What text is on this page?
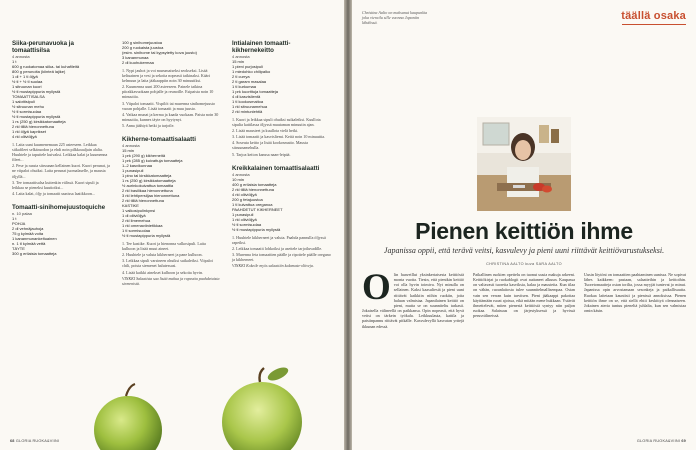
Siika-perunavuoka ja tomaattisilsa
4 annosta
1 t
600 g ruokatomaa siika- tai kuhafileitä
800 g perunoita (kiinteä lajike)
1 dl + 1 tl öljyä
½ tl + ½ tl suolaa
1 sitruunan kuori
½ tl mustapippuria myllystä
TOMAATTISALSA
1 salottisipuli
½ sitruunan mehu
½ tl sormisuolaa
½ tl mustapippuria myllystä
1 rs (250 g) kirsikkatomaatteja
2 rkl tilliä hienonnettuna
1 rkl öljyä kaprikset
4 rkl oliiviöljyä
1. Laita uuni kuumenemaan 225 asteeseen. Leikkaa siikafileet selkäruodon ja ehdi noin pilkkoaaljain alalta. Huuhtele ja taputtele kuivaksi. Leikkaa kalat ja kuumenna fileet...
2. Pese ja raasta sitruunan kellainen kuori. Kuori perunat, ja ne viipaloi ohuiksi. Laita perunat juomalaselle, ja mausta öljyllä...
3. Tee tomaattisalsa kuitenkin välissä. Kuori sipuli ja leikkaa se pieneksi kuutioiksi...
4. Laita kalat, öljy ja tomaatit uunissa laatikkoon...
Tomaatti-sinihomejuustoquiche
n. 10 palaa
1 t
POHJA
2 dl vehnäjauhoja
75 g kylmää voita
1 kananmunankeltuainen
n. 1 tl kylmää vettä
TÄYTE
300 g erilaisia tomaatteja
100 g sinihomejuustoa
200 g ruokaista juustoa
(esim. sinihome tai kypsytetty kova juusto)
3 kananmunaa
2 dl kuohukermaa
1. Nypi jauhot ja voi murumaiseksi seokseksi. Lisää keltuainen ja vesi ja sekoita nopeasti taikinaksi. Kääri kelmuun ja laita jääkaappiin noin 30 minuutiksi.
2. Kuumenna uuni 200 asteeseen. Painele taikina piirakkavuokaan pohjalle ja reunoille. Esipaista noin 10 minuuttia.
3. Viipaloi tomaatit. Vispilöi tai murenna sinihomejuusto vuoan pohjalle. Lisää tomaatit ja muu juusto.
4. Vatkaa munat ja kerma ja kaada vuokaan. Paista noin 30 minuuttia, kunnes täyte on hyytynyt.
5. Anna jäähtyä hetki ja tarjoile.
Kikherne-tomaattisalaatti
4 annosta
15 min
1 prk (290 g) kikherneitä
1 prk (285 g) kuivattuja tomaatteja
1–2 kasvikunnaa
1 punasipuli
1 pino tai kirsikkatomaatteja
1 rs (250 g) kirsikkatomaatteja
½ aurinkokuivattua tomaattia
2 rkl basilikaa hienonnettuna
3 rkl lehtipersiljaa hienonnettuna
2 rkl tilliä hienonnettuna
KASTIKE
1 valkosipulinkynsi
1 dl oliiviöljyä
2 rkl limemehua
1 rkl omenaviinietikkaa
1 tl sormisuolaa
½ tl mustapippuria myllystä
1. Tee kastike. Kuori ja hienonna valkosipuli. Laita kulhoon ja lisää muut aineet.
2. Huuhtele ja valuta kikherneet ja pane kulhoon.
3. Leikkaa sipuli varsineen ohuiksi suikaleiksi. Viipaloi chili, poista siemenet halutessasi.
4. Lisää kaikki ainekset kulhoon ja sekoita hyvin.
VINKKI Salaatista saa lisää makua ja rapeutta paahdetuista siemenistä.
Intialainen tomaatti-kikhernekeitto
4 annosta
15 min
1 pieni purjosipuli
1 miedohko chilipalko
2 tl currya
2 tl garam masalaa
1 tl kurkumaa
1 prk kuorittuja tomaatteja
4 dl kasvislientä
1 tl kookosmaitoa
1 rkl sitruunamehua
2 rkl mintunlehtiä
1. Kuori ja leikkaa sipuli ohuiksi suikaleiksi. Kuullota sipulia kattilassa öljyssä muutaman minuutin ajan.
2. Lisää mausteet ja kuullota vielä hetki.
3. Lisää tomaatit ja kasvisliemi. Keitä noin 10 minuuttia.
4. Soseuta keitto ja lisää kookosmaito. Mausta sitruunamehulla.
5. Tarjoa keiton kanssa naan-leipää.
Kreikkalainen tomaattisalaatti
4 annosta
10 min
400 g erilaisia tomaatteja
2 rkl tilliä hienonnettuna
4 rkl oliiviöljyä
200 g fetajuustoa
1 tl kuivattua oreganoa
PAAHDETUT KIKHERNEET
1 punasipuli
1 rkl oliiviöljyä
½ tl sormisuolaa
½ tl mustapippuria myllystä
1. Huuhtele kikherneet ja valuta. Paahda pannulla öljyssä rapeiksi.
2. Leikkaa tomaatit lohkoiksi ja asettele tarjoiluvadille.
3. Murenna feta tomaattien päälle ja ripottele päälle oregano ja kikherneet.
VINKKI Kokeile myös salaattiin kalamata-oliiveja.
68 GLORIA RUOKA&VIINI
Christina Aalto on maksanut kaupunkia joka vierailu sille vuonna Japaniin lähdössä.
täällä osaka
Pienen keittiön ihme
Japanissa oppii, että terävä veitsi, kasvulevy ja pieni uuni riittävät keittiövarustukseksi.
CHRISTINA AALTO kuva SARA AALTO
O lin haaveillut yksinkertaisesta keittiöstä monta vuotta. Tiesin, että pienikin keittiö voi olla hyvin toimiva. Nyt minulla on sellainen. Kaksi kaasuliesiä ja pieni uuni riittävät kaikkiin niihin ruokiin, joita haluan valmistaa. Japanilainen keittiö on pieni, mutta se on suunniteltu tarkasti. Jokaisella välineellä on paikkansa. Opin nopeasti, että hyvä veitsi on tärkein työkalu. Leikkuulauta, kattila ja paistinpannu riittävät pitkälle. Kasvulevyllä kasvatan yrttejä ikkunan edessä.
Paikallinen ruokien opettelu on tuonut uusia makuja arkeeni. Keittiökirjat ja ruokablogit ovat auttaneet alkuun. Kaupassa on valtavasti tuoreita kasviksia, kalaa ja mausteita. Kun tilaa on vähän, ruoanlaitosta tulee suunnitelmallisempaa. Ostan vain sen verran kuin tarvitsen. Pieni jääkaappi pakottaa käyttämään ruoat ajoissa, eikä mitään mene hukkaan. Ystävät ihmettelevät, miten pienestä keittiöstä syntyy niin paljon ruokaa. Salaisuus on järjestyksessä ja hyvissä perusvälineissä.
Uusin löytöni on tomaattien paahtaminen uunissa. Ne sopivat lähes kaikkeen: pastaan, salaatteihin ja keittoihin. Tuoretomaatteja ostan torilta, jossa myyjät tuntevat jo minut. Japanissa opin arvostamaan sesonkeja ja paikallisuutta. Ruokaa laitetaan kauniisti ja pienissä annoksissa. Pienen keittiön ihme on se, että siellä ehtii keskittyä olennaiseen. Jokainen ateria tuntuu pieneltä juhlalta, kun sen valmistaa omin käsin.
GLORIA RUOKA&VIINI 69
